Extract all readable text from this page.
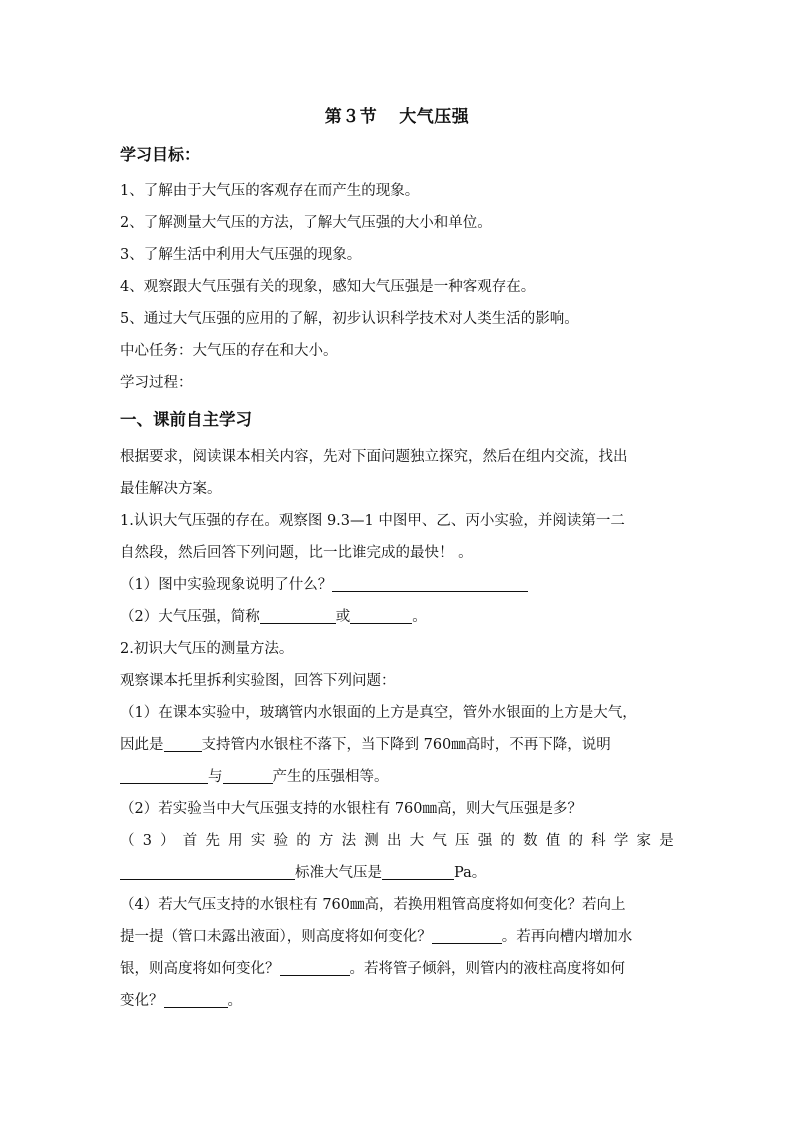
第３节 大气压强
学习目标：
1、了解由于大气压的客观存在而产生的现象。
2、了解测量大气压的方法，了解大气压强的大小和单位。
3、了解生活中利用大气压强的现象。
4、观察跟大气压强有关的现象，感知大气压强是一种客观存在。
5、通过大气压强的应用的了解，初步认识科学技术对人类生活的影响。
中心任务：大气压的存在和大小。
学习过程：
一、课前自主学习
根据要求，阅读课本相关内容，先对下面问题独立探究，然后在组内交流，找出
最佳解决方案。
1.认识大气压强的存在。观察图 9.3—1 中图甲、乙、丙小实验，并阅读第一二
自然段，然后回答下列问题，比一比谁完成的最快！ 。
（1）图中实验现象说明了什么？
（2）大气压强，简称	或	。
2.初识大气压的测量方法。
观察课本托里拆利实验图，回答下列问题：
（1）在课本实验中，玻璃管内水银面的上方是真空，管外水银面的上方是大气，
因此是	支持管内水银柱不落下，当下降到 760㎜高时，不再下降，说明
与	产生的压强相等。
（2）若实验当中大气压强支持的水银柱有 760㎜高，则大气压强是多？
（ 3 ） 首 先 用 实 验 的 方 法 测 出 大 气 压 强 的 数 值 的 科 学 家 是
标准大气压是	Pa。
（4）若大气压支持的水银柱有 760㎜高，若换用粗管高度将如何变化？若向上
提一提（管口未露出液面），则高度将如何变化？	。若再向槽内增加水
银，则高度将如何变化？	。若将管子倾斜，则管内的液柱高度将如何
变化？	。
